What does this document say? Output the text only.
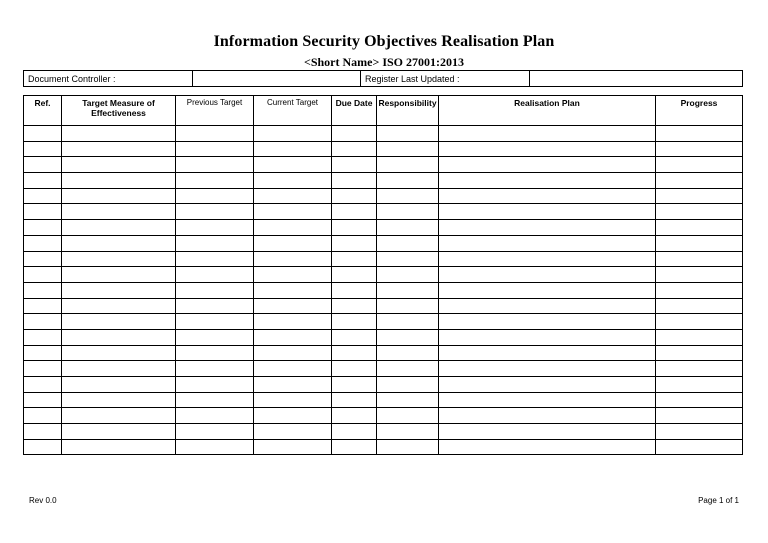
Information Security Objectives Realisation Plan
<Short Name> ISO 27001:2013
Document Controller :		Register Last Updated :	
Ref.	Target Measure of Effectiveness	Previous Target	Current Target	Due Date	Responsibility	Realisation Plan	Progress

Rev 0.0	Page 1 of 1
